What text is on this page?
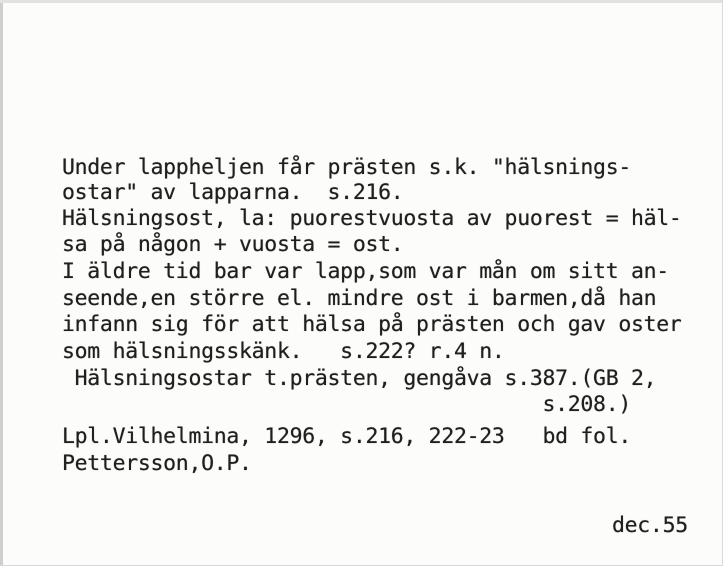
Under lappheljen får prästen s.k. "hälsnings-
ostar" av lapparna.  s.216.
Hälsningsost, la: puorestvuosta av puorest = häl-
sa på någon + vuosta = ost.
I äldre tid bar var lapp,som var mån om sitt an-
seende,en större el. mindre ost i barmen,då han
infann sig för att hälsa på prästen och gav oster
som hälsningsskänk.   s.222? r.4 n.
Hälsningsostar t.prästen, gengåva s.387.(GB 2,
s.208.)
Lpl.Vilhelmina, 1296, s.216, 222-23   bd fol.
Pettersson,O.P.
dec.55
